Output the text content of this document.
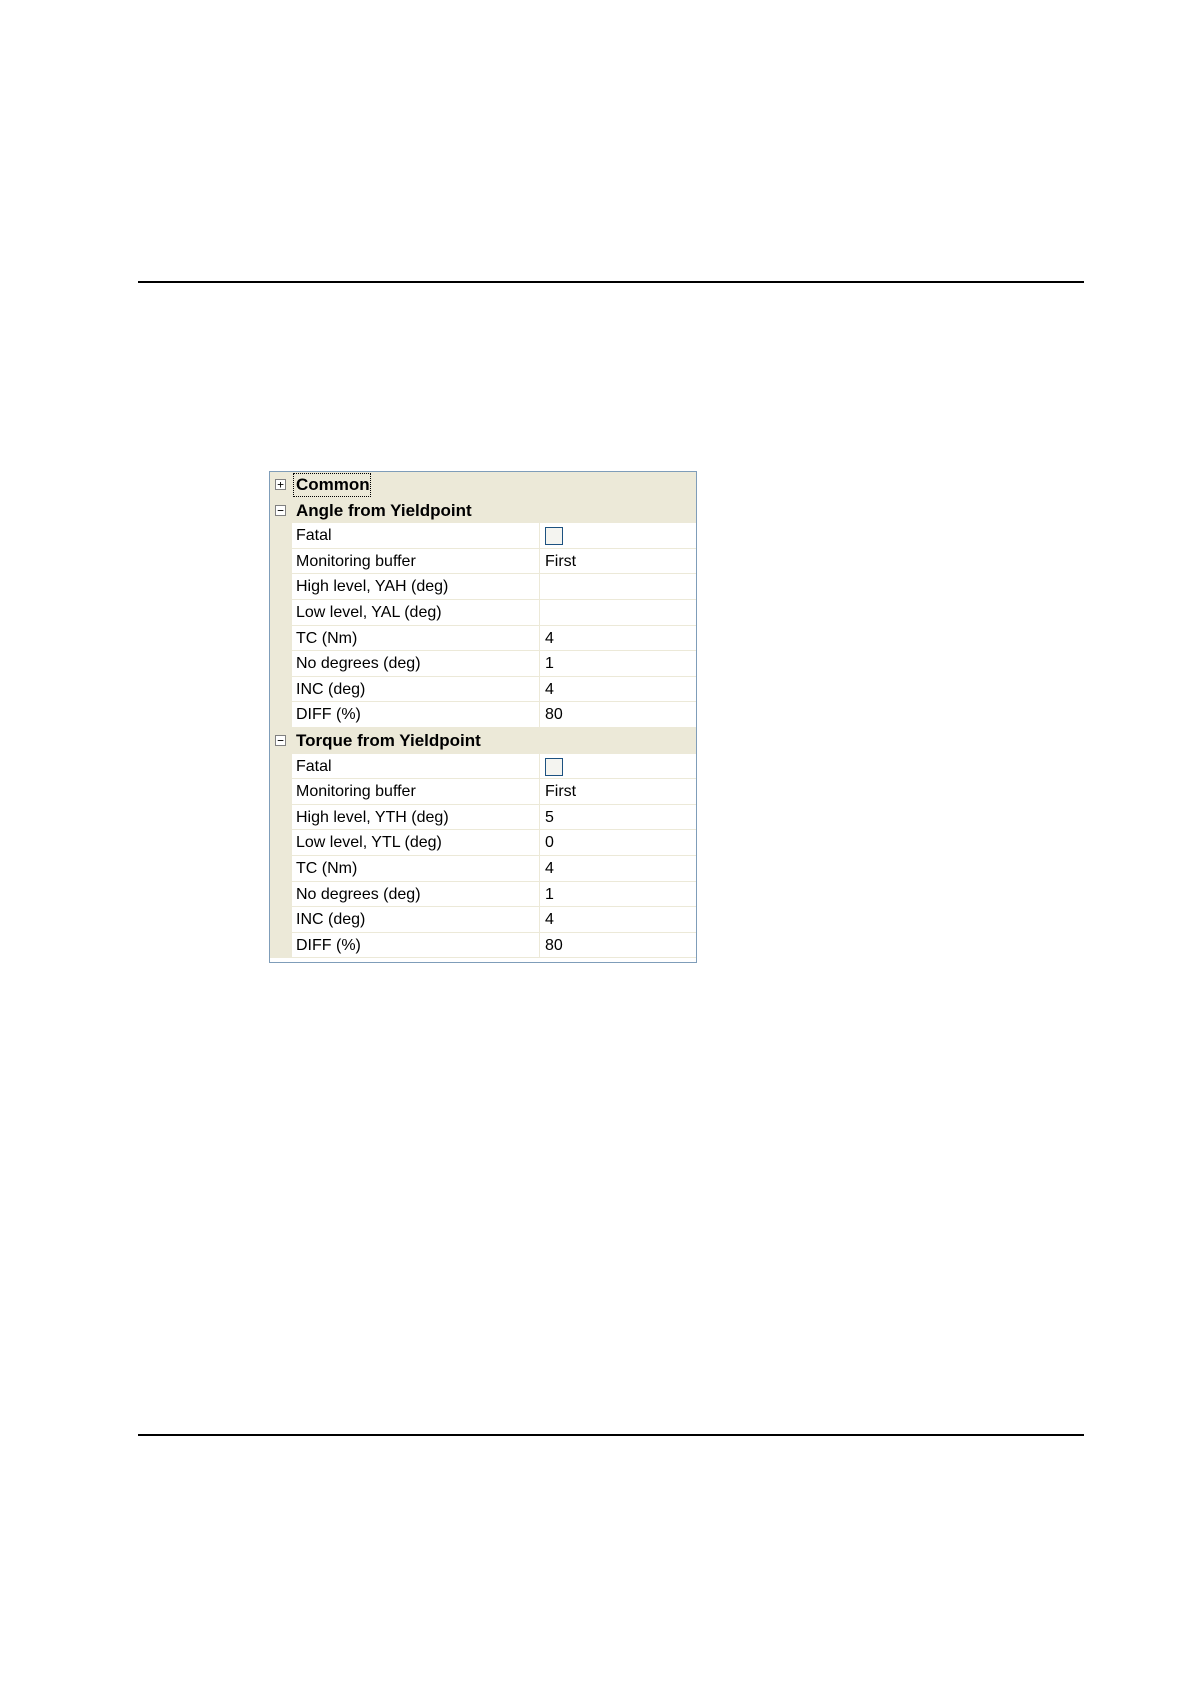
+ Common
− Angle from Yieldpoint
Fatal
Monitoring buffer	First
High level, YAH (deg)
Low level, YAL (deg)
TC (Nm)	4
No degrees (deg)	1
INC (deg)	4
DIFF (%)	80
− Torque from Yieldpoint
Fatal
Monitoring buffer	First
High level, YTH (deg)	5
Low level, YTL (deg)	0
TC (Nm)	4
No degrees (deg)	1
INC (deg)	4
DIFF (%)	80
